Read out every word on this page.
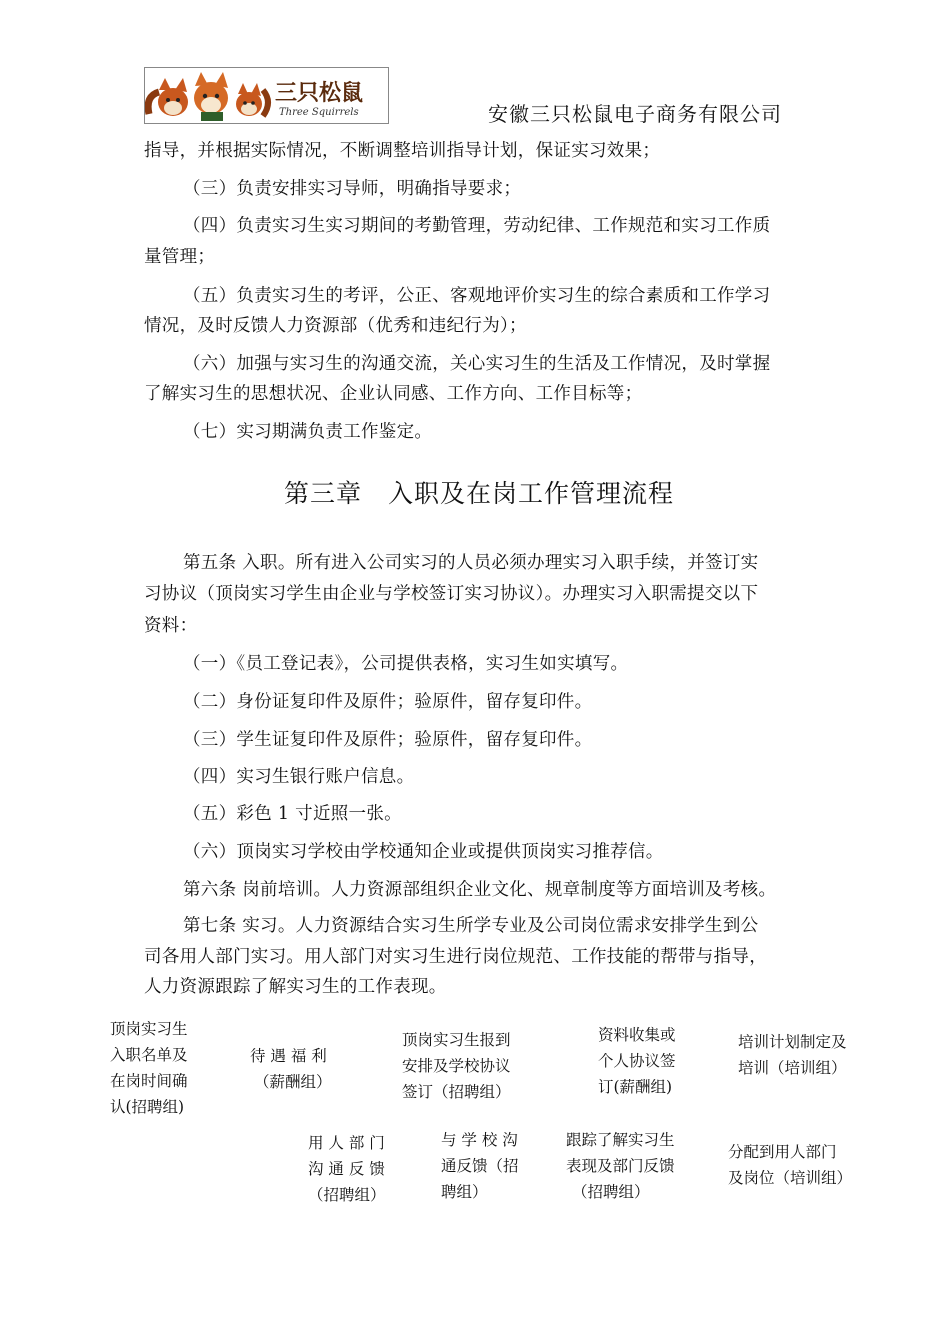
三只松鼠
Three Squirrels	安徽三只松鼠电子商务有限公司
指导，并根据实际情况，不断调整培训指导计划，保证实习效果；
（三）负责安排实习导师，明确指导要求；
（四）负责实习生实习期间的考勤管理，劳动纪律、工作规范和实习工作质
量管理；
（五）负责实习生的考评，公正、客观地评价实习生的综合素质和工作学习
情况，及时反馈人力资源部（优秀和违纪行为）；
（六）加强与实习生的沟通交流，关心实习生的生活及工作情况，及时掌握
了解实习生的思想状况、企业认同感、工作方向、工作目标等；
（七）实习期满负责工作鉴定。
第三章　入职及在岗工作管理流程
第五条 入职。所有进入公司实习的人员必须办理实习入职手续，并签订实
习协议（顶岗实习学生由企业与学校签订实习协议）。办理实习入职需提交以下
资料：
（一）《员工登记表》，公司提供表格，实习生如实填写。
（二）身份证复印件及原件；验原件，留存复印件。
（三）学生证复印件及原件；验原件，留存复印件。
（四）实习生银行账户信息。
（五）彩色 1 寸近照一张。
（六）顶岗实习学校由学校通知企业或提供顶岗实习推荐信。
第六条 岗前培训。人力资源部组织企业文化、规章制度等方面培训及考核。
第七条 实习。人力资源结合实习生所学专业及公司岗位需求安排学生到公
司各用人部门实习。用人部门对实习生进行岗位规范、工作技能的帮带与指导，
人力资源跟踪了解实习生的工作表现。
顶岗实习生
入职名单及
在岗时间确
认(招聘组)
待 遇 福 利
（薪酬组）
顶岗实习生报到
安排及学校协议
签订（招聘组）
资料收集或
个人协议签
订(薪酬组)
培训计划制定及
培训（培训组）
用 人 部 门
沟 通 反 馈
（招聘组）
与 学 校 沟
通反馈（招
聘组）
跟踪了解实习生
表现及部门反馈
（招聘组）
分配到用人部门
及岗位（培训组）
